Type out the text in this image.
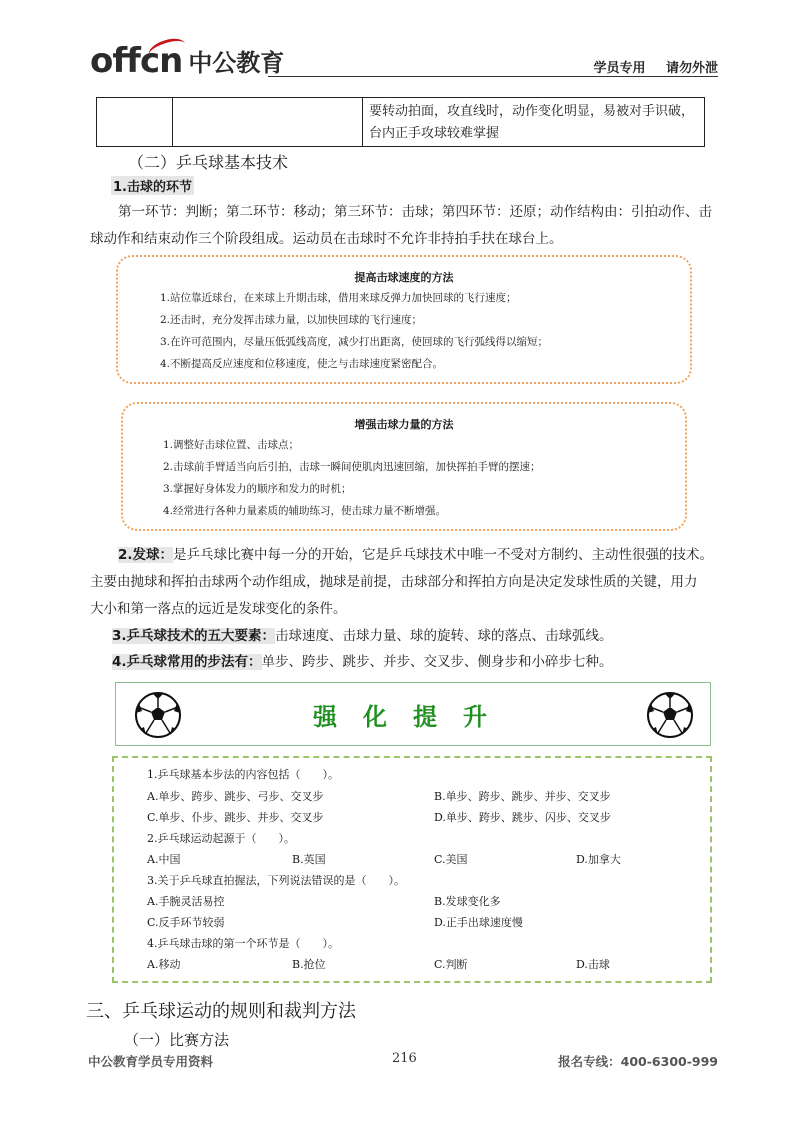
offcn 中公教育	学员专用 请勿外泄
要转动拍面，攻直线时，动作变化明显，易被对手识破，台内正手攻球较难掌握
（二）乒乓球基本技术
1.击球的环节
第一环节：判断；第二环节：移动；第三环节：击球；第四环节：还原；动作结构由：引拍动作、击球动作和结束动作三个阶段组成。运动员在击球时不允许非持拍手扶在球台上。
提高击球速度的方法
1.站位靠近球台，在来球上升期击球，借用来球反弹力加快回球的飞行速度；
2.还击时，充分发挥击球力量，以加快回球的飞行速度；
3.在许可范围内，尽量压低弧线高度，减少打出距离，使回球的飞行弧线得以缩短；
4.不断提高反应速度和位移速度，使之与击球速度紧密配合。
增强击球力量的方法
1.调整好击球位置、击球点；
2.击球前手臂适当向后引拍，击球一瞬间使肌肉迅速回缩，加快挥拍手臂的摆速；
3.掌握好身体发力的顺序和发力的时机；
4.经常进行各种力量素质的辅助练习，使击球力量不断增强。
2.发球：是乒乓球比赛中每一分的开始，它是乒乓球技术中唯一不受对方制约、主动性很强的技术。
主要由抛球和挥拍击球两个动作组成，抛球是前提，击球部分和挥拍方向是决定发球性质的关键，用力
大小和第一落点的远近是发球变化的条件。
3.乒乓球技术的五大要素：击球速度、击球力量、球的旋转、球的落点、击球弧线。
4.乒乓球常用的步法有：单步、跨步、跳步、并步、交叉步、侧身步和小碎步七种。
强化提升
1.乒乓球基本步法的内容包括（　　）。
A.单步、跨步、跳步、弓步、交叉步	B.单步、跨步、跳步、并步、交叉步
C.单步、仆步、跳步、并步、交叉步	D.单步、跨步、跳步、闪步、交叉步
2.乒乓球运动起源于（　　）。
A.中国	B.英国	C.美国	D.加拿大
3.关于乒乓球直拍握法，下列说法错误的是（　　）。
A.手腕灵活易控	B.发球变化多
C.反手环节较弱	D.正手出球速度慢
4.乒乓球击球的第一个环节是（　　）。
A.移动	B.抢位	C.判断	D.击球
三、乒乓球运动的规则和裁判方法
（一）比赛方法
中公教育学员专用资料	216	报名专线：400-6300-999
